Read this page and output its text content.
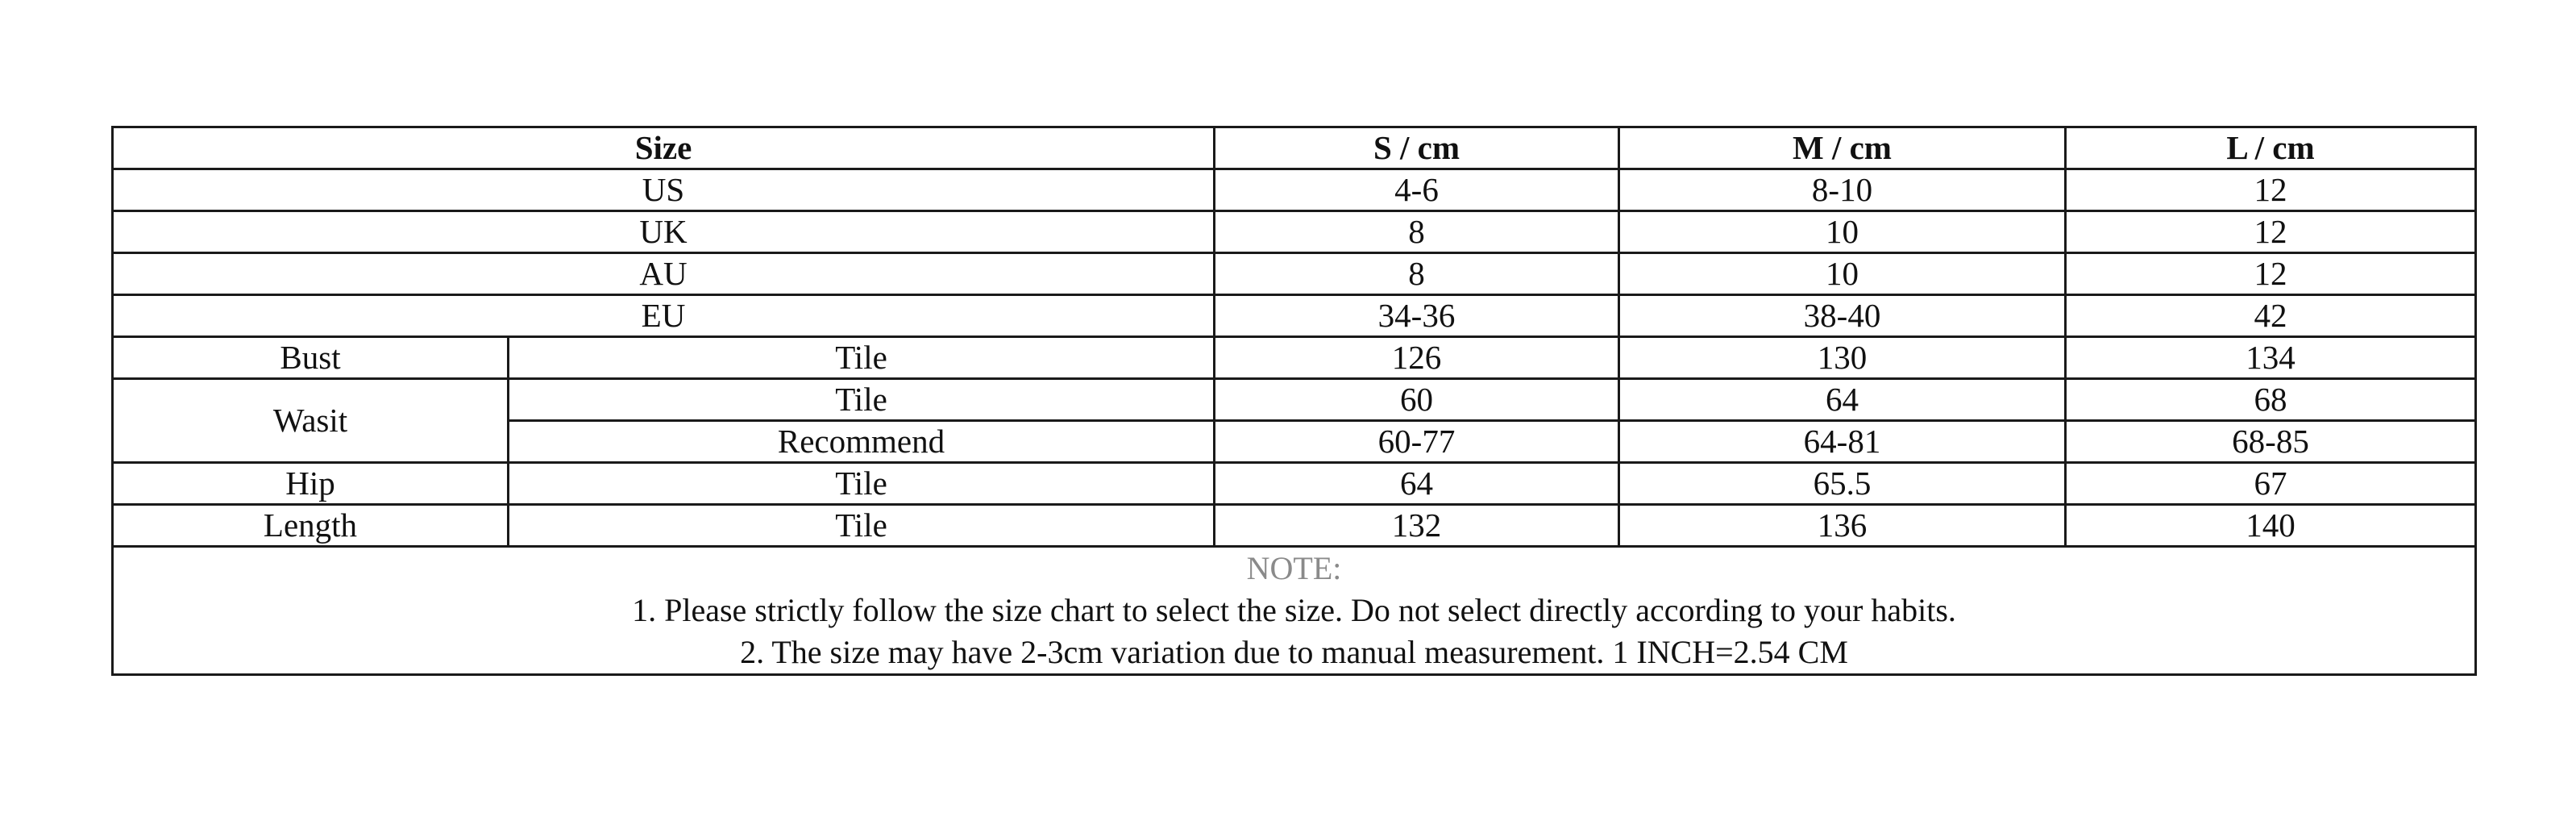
Size		S / cm	M / cm	L / cm
US		4-6	8-10	12
UK		8	10	12
AU		8	10	12
EU		34-36	38-40	42
Bust	Tile	126	130	134
Wasit	Tile	60	64	68
	Recommend	60-77	64-81	68-85
Hip	Tile	64	65.5	67
Length	Tile	132	136	140

NOTE:
1. Please strictly follow the size chart to select the size. Do not select directly according to your habits.
2. The size may have 2-3cm variation due to manual measurement. 1 INCH=2.54 CM				
